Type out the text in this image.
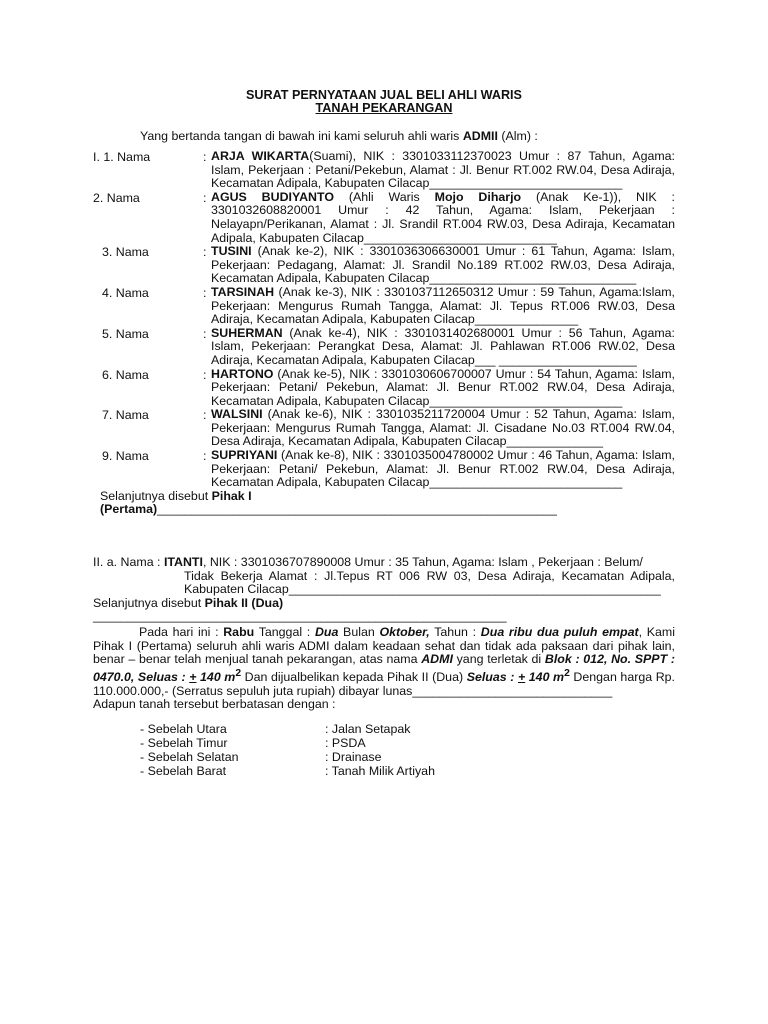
SURAT PERNYATAAN JUAL BELI AHLI WARIS
TANAH PEKARANGAN
Yang bertanda tangan di bawah ini kami seluruh ahli waris ADMII (Alm) :
I. 1. Nama	: ARJA WIKARTA(Suami), NIK : 3301033112370023 Umur : 87 Tahun, Agama: Islam, Pekerjaan : Petani/Pekebun, Alamat : Jl. Benur RT.002 RW.04, Desa Adiraja, Kecamatan Adipala, Kabupaten Cilacap____________________________
2. Nama	: AGUS BUDIYANTO (Ahli Waris Mojo Diharjo (Anak Ke-1)), NIK : 3301032608820001 Umur : 42 Tahun, Agama: Islam, Pekerjaan : Nelayapn/Perikanan, Alamat : Jl. Srandil RT.004 RW.03, Desa Adiraja, Kecamatan Adipala, Kabupaten Cilacap____________________________
3. Nama	: TUSINI (Anak ke-2), NIK : 3301036306630001 Umur : 61 Tahun, Agama: Islam, Pekerjaan: Pedagang, Alamat: Jl. Srandil No.189 RT.002 RW.03, Desa Adiraja, Kecamatan Adipala, Kabupaten Cilacap______________________________
4. Nama	: TARSINAH (Anak ke-3), NIK : 3301037112650312 Umur : 59 Tahun, Agama:Islam, Pekerjaan: Mengurus Rumah Tangga, Alamat: Jl. Tepus RT.006 RW.03, Desa Adiraja, Kecamatan Adipala, Kabupaten Cilacap_______________
5. Nama	: SUHERMAN (Anak ke-4), NIK : 3301031402680001 Umur : 56 Tahun, Agama: Islam, Pekerjaan: Perangkat Desa, Alamat: Jl. Pahlawan RT.006 RW.02, Desa Adiraja, Kecamatan Adipala, Kabupaten Cilacap___ ____________________
6. Nama	: HARTONO (Anak ke-5), NIK : 3301030606700007 Umur : 54 Tahun, Agama: Islam, Pekerjaan: Petani/ Pekebun, Alamat: Jl. Benur RT.002 RW.04, Desa Adiraja, Kecamatan Adipala, Kabupaten Cilacap____________________________
7. Nama	: WALSINI (Anak ke-6), NIK : 3301035211720004 Umur : 52 Tahun, Agama: Islam, Pekerjaan: Mengurus Rumah Tangga, Alamat: Jl. Cisadane No.03 RT.004 RW.04, Desa Adiraja, Kecamatan Adipala, Kabupaten Cilacap______________
9. Nama	: SUPRIYANI (Anak ke-8), NIK : 3301035004780002 Umur : 46 Tahun, Agama: Islam, Pekerjaan: Petani/ Pekebun, Alamat: Jl. Benur RT.002 RW.04, Desa Adiraja, Kecamatan Adipala, Kabupaten Cilacap____________________________
Selanjutnya disebut Pihak I (Pertama)__________________________________________________________
II. a. Nama : ITANTI, NIK : 3301036707890008 Umur : 35 Tahun, Agama: Islam , Pekerjaan : Belum/
Tidak Bekerja Alamat : Jl.Tepus RT 006 RW 03, Desa Adiraja, Kecamatan Adipala, Kabupaten Cilacap______________________________________________________
Selanjutnya disebut Pihak II (Dua) ____________________________________________________________
Pada hari ini : Rabu Tanggal : Dua Bulan Oktober, Tahun : Dua ribu dua puluh empat, Kami Pihak I (Pertama) seluruh ahli waris ADMI dalam keadaan sehat dan tidak ada paksaan dari pihak lain, benar – benar telah menjual tanah pekarangan, atas nama ADMI yang terletak di Blok : 012, No. SPPT : 0470.0, Seluas : + 140 $m^2$ Dan dijualbelikan kepada Pihak II (Dua) Seluas : + 140 $m^2$ Dengan harga Rp. 110.000.000,- (Serratus sepuluh juta rupiah) dibayar lunas_____________________________
Adapun tanah tersebut berbatasan dengan :
- Sebelah Utara	: Jalan Setapak
- Sebelah Timur	: PSDA
- Sebelah Selatan	: Drainase
- Sebelah Barat	: Tanah Milik Artiyah
